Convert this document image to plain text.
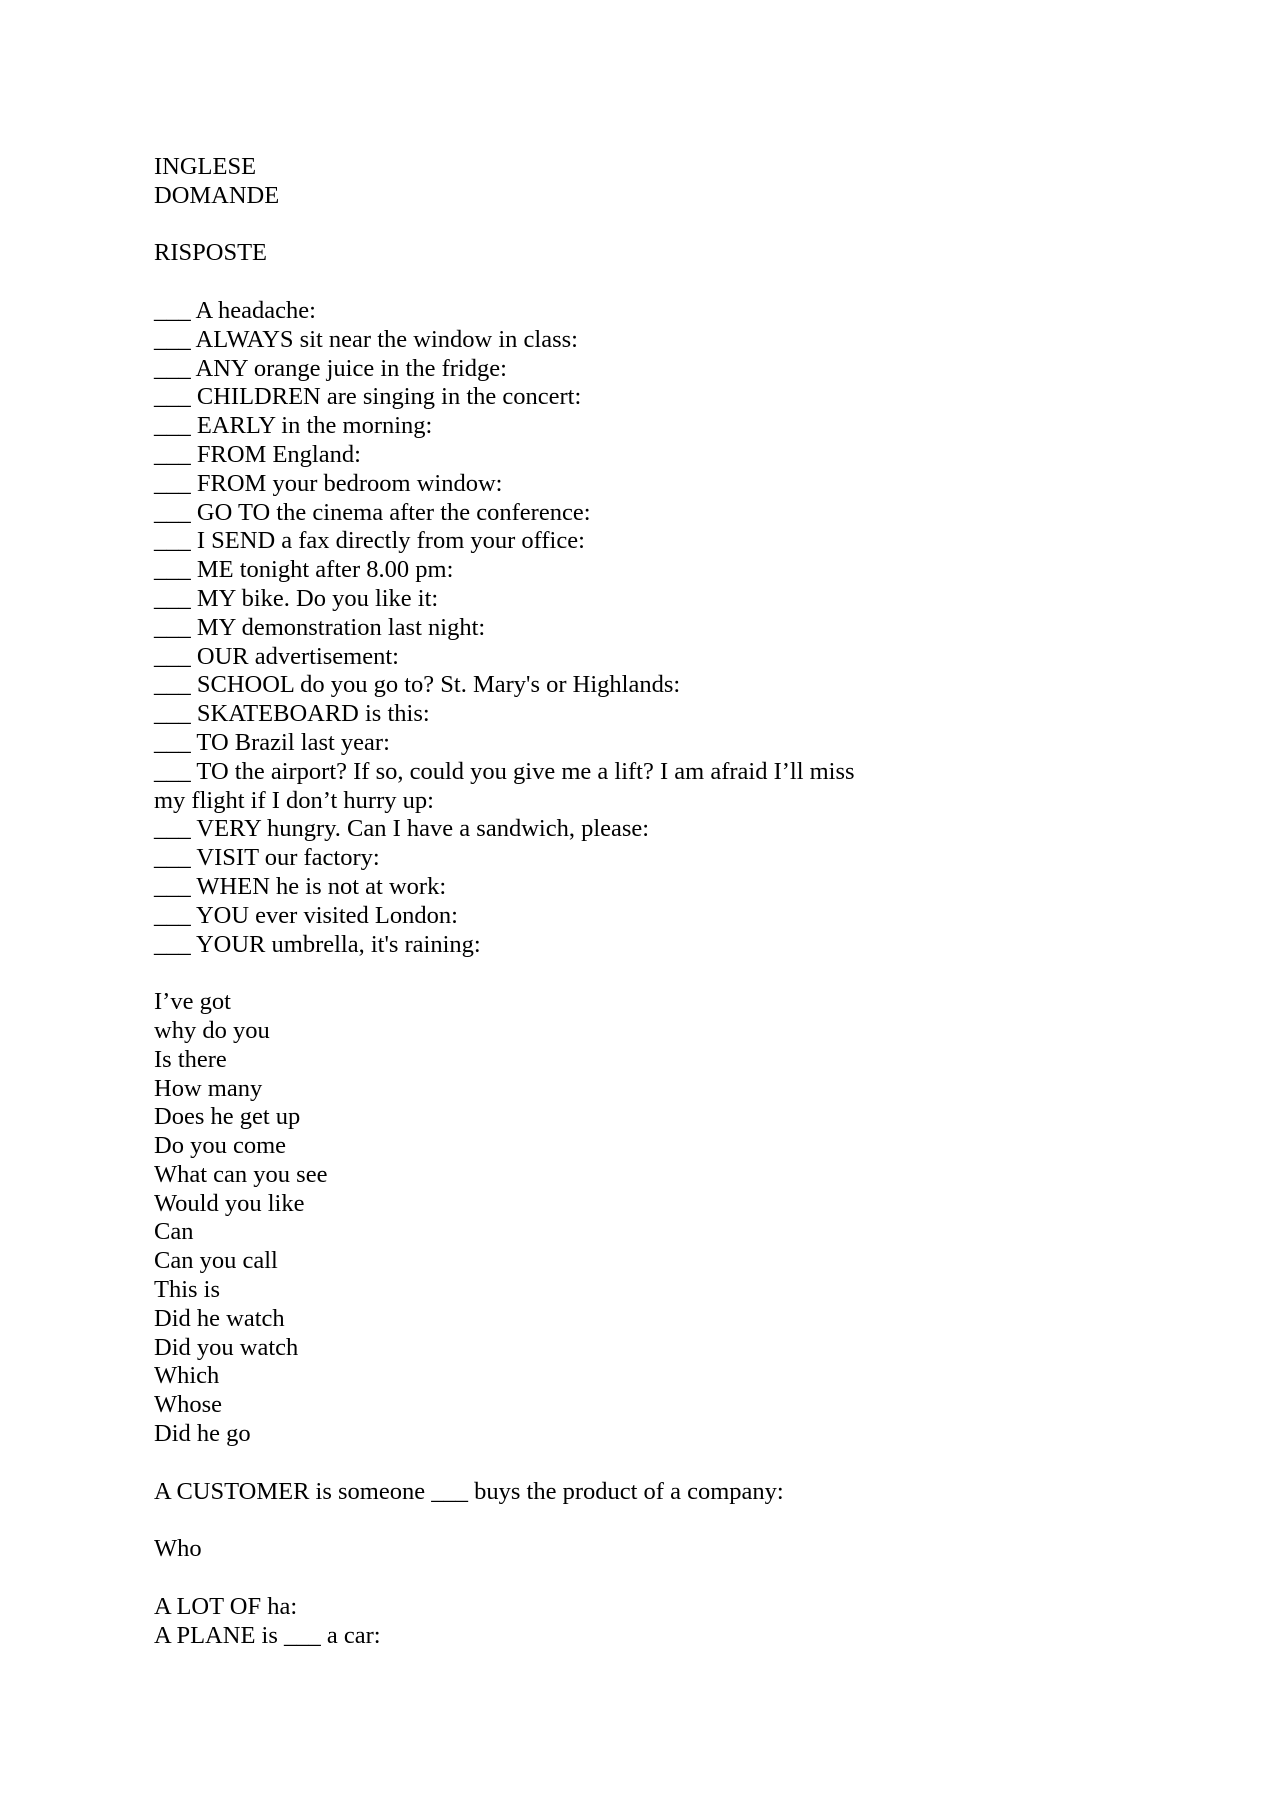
INGLESE
DOMANDE
RISPOSTE
___ A headache:
___ ALWAYS sit near the window in class:
___ ANY orange juice in the fridge:
___ CHILDREN are singing in the concert:
___ EARLY in the morning:
___ FROM England:
___ FROM your bedroom window:
___ GO TO the cinema after the conference:
___ I SEND a fax directly from your office:
___ ME tonight after 8.00 pm:
___ MY bike. Do you like it:
___ MY demonstration last night:
___ OUR advertisement:
___ SCHOOL do you go to? St. Mary's or Highlands:
___ SKATEBOARD is this:
___ TO Brazil last year:
___ TO the airport? If so, could you give me a lift? I am afraid I’ll miss my flight if I don’t hurry up:
___ VERY hungry. Can I have a sandwich, please:
___ VISIT our factory:
___ WHEN he is not at work:
___ YOU ever visited London:
___ YOUR umbrella, it's raining:
I’ve got
why do you
Is there
How many
Does he get up
Do you come
What can you see
Would you like
Can
Can you call
This is
Did he watch
Did you watch
Which
Whose
Did he go
A CUSTOMER is someone ___ buys the product of a company:
Who
A LOT OF ha:
A PLANE is ___ a car:
